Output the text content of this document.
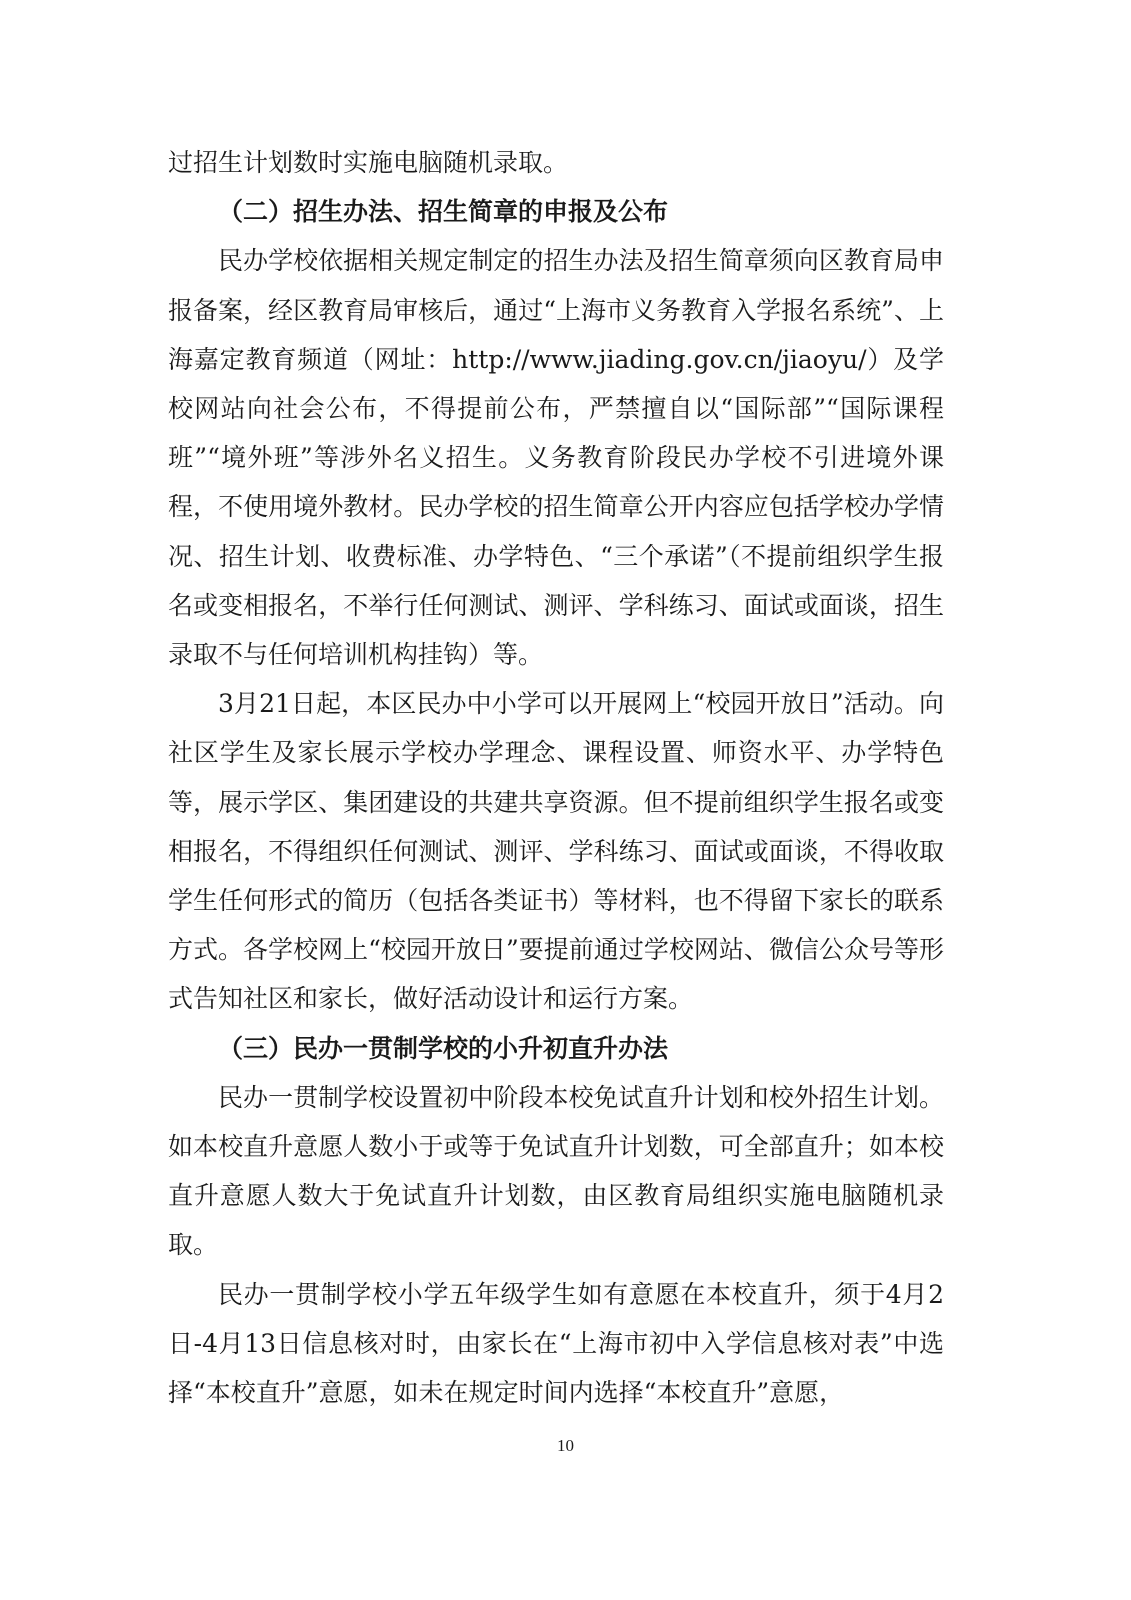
过招生计划数时实施电脑随机录取。

（二）招生办法、招生简章的申报及公布

民办学校依据相关规定制定的招生办法及招生简章须向区教育局申报备案，经区教育局审核后，通过“上海市义务教育入学报名系统”、上海嘉定教育频道（网址：http://www.jiading.gov.cn/jiaoyu/）及学校网站向社会公布，不得提前公布，严禁擅自以“国际部”“国际课程班”“境外班”等涉外名义招生。义务教育阶段民办学校不引进境外课程，不使用境外教材。民办学校的招生简章公开内容应包括学校办学情况、招生计划、收费标准、办学特色、“三个承诺”（不提前组织学生报名或变相报名，不举行任何测试、测评、学科练习、面试或面谈，招生录取不与任何培训机构挂钩）等。

3月21日起，本区民办中小学可以开展网上“校园开放日”活动。向社区学生及家长展示学校办学理念、课程设置、师资水平、办学特色等，展示学区、集团建设的共建共享资源。但不提前组织学生报名或变相报名，不得组织任何测试、测评、学科练习、面试或面谈，不得收取学生任何形式的简历（包括各类证书）等材料，也不得留下家长的联系方式。各学校网上“校园开放日”要提前通过学校网站、微信公众号等形式告知社区和家长，做好活动设计和运行方案。

（三）民办一贯制学校的小升初直升办法

民办一贯制学校设置初中阶段本校免试直升计划和校外招生计划。如本校直升意愿人数小于或等于免试直升计划数，可全部直升；如本校直升意愿人数大于免试直升计划数，由区教育局组织实施电脑随机录取。

民办一贯制学校小学五年级学生如有意愿在本校直升，须于4月2日-4月13日信息核对时，由家长在“上海市初中入学信息核对表”中选择“本校直升”意愿，如未在规定时间内选择“本校直升”意愿，

10
